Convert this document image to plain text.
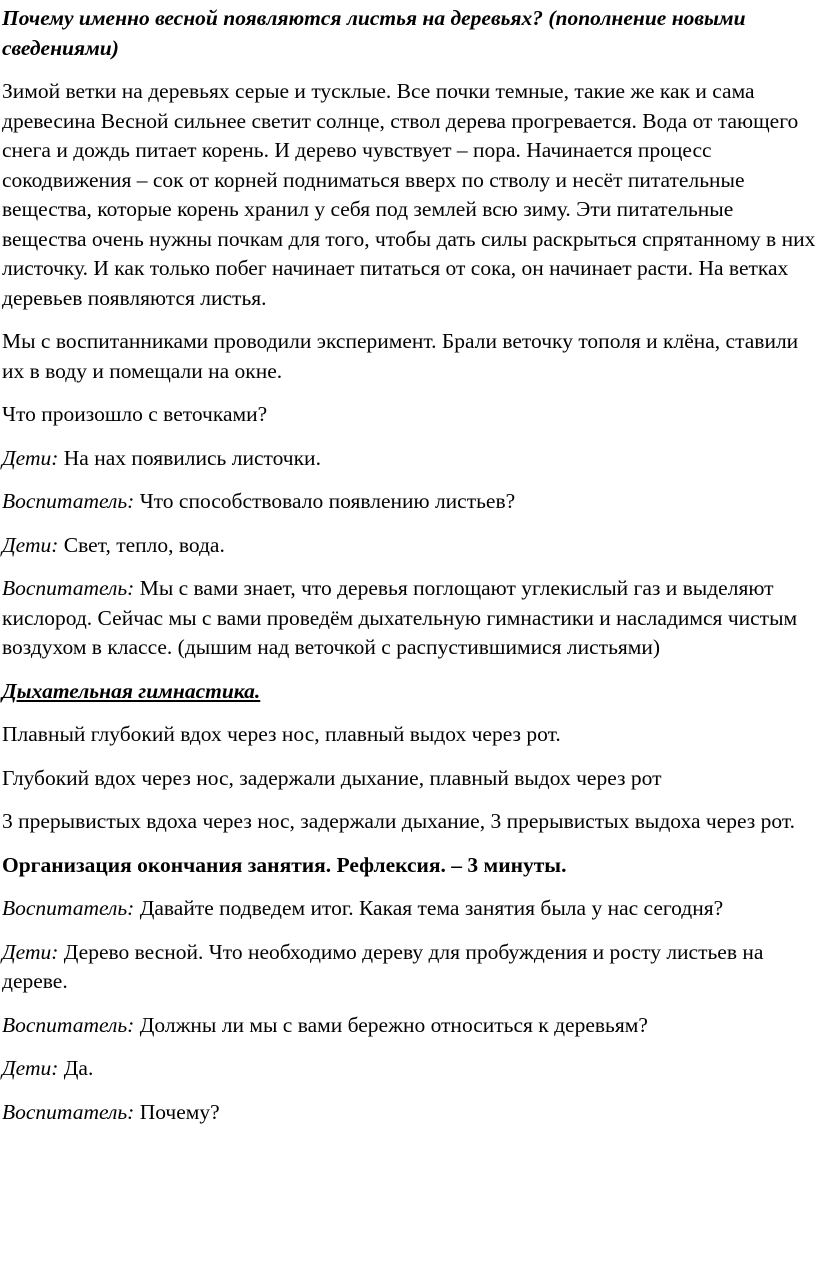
Почему именно весной появляются листья на деревьях? (пополнение новыми сведениями)

Зимой ветки на деревьях серые и тусклые. Все почки темные, такие же как и сама древесина Весной сильнее светит солнце, ствол дерева прогревается. Вода от тающего снега и дождь питает корень. И дерево чувствует – пора. Начинается процесс сокодвижения – сок от корней подниматься вверх по стволу и несёт питательные вещества, которые корень хранил у себя под землей всю зиму. Эти питательные вещества очень нужны почкам для того, чтобы дать силы раскрыться спрятанному в них листочку. И как только побег начинает питаться от сока, он начинает расти. На ветках деревьев появляются листья.

Мы с воспитанниками проводили эксперимент. Брали веточку тополя и клёна, ставили их в воду и помещали на окне.

Что произошло с веточками?

Дети: На нах появились листочки.

Воспитатель: Что способствовало появлению листьев?

Дети: Свет, тепло, вода.

Воспитатель: Мы с вами знает, что деревья поглощают углекислый газ и выделяют кислород. Сейчас мы с вами проведём дыхательную гимнастики и насладимся чистым воздухом в классе. (дышим над веточкой с распустившимися листьями)

Дыхательная гимнастика.

Плавный глубокий вдох через нос, плавный выдох через рот.

Глубокий вдох через нос, задержали дыхание, плавный выдох через рот

3 прерывистых вдоха через нос, задержали дыхание, 3 прерывистых выдоха через рот.

Организация окончания занятия. Рефлексия. – 3 минуты.

Воспитатель: Давайте подведем итог. Какая тема занятия была у нас сегодня?

Дети: Дерево весной. Что необходимо дереву для пробуждения и росту листьев на дереве.

Воспитатель: Должны ли мы с вами бережно относиться к деревьям?

Дети: Да.

Воспитатель: Почему?
